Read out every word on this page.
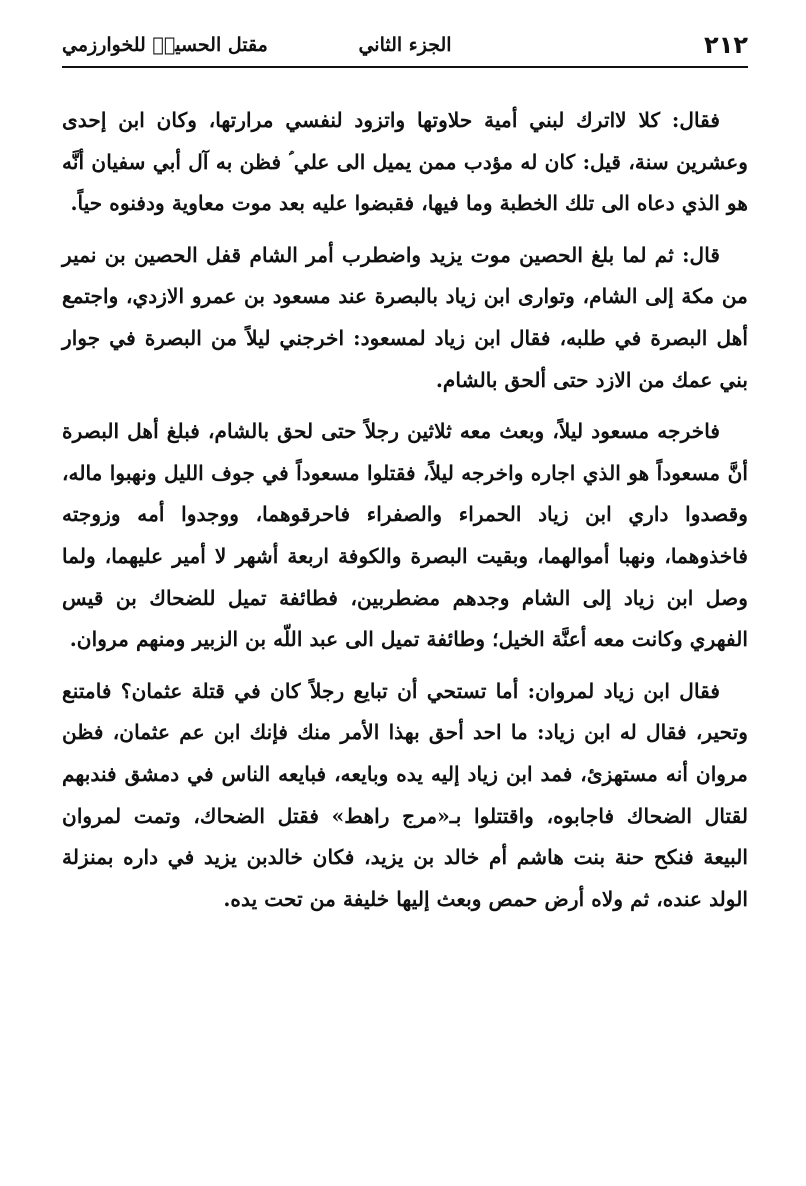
٢١٢
الجزء الثاني
مقتل الحسينؑ للخوارزمي

فقال: كلا لااترك لبني أمية حلاوتها واتزود لنفسي مرارتها، وكان ابن إحدى وعشرين سنة، قيل: كان له مؤدب ممن يميل الى علي ؑ فظن به آل أبي سفيان أنَّه هو الذي دعاه الى تلك الخطبة وما فيها، فقبضوا عليه بعد موت معاوية ودفنوه حياً.

قال: ثم لما بلغ الحصين موت يزيد واضطرب أمر الشام قفل الحصين بن نمير من مكة إلى الشام، وتوارى ابن زياد بالبصرة عند مسعود بن عمرو الازدي، واجتمع أهل البصرة في طلبه، فقال ابن زياد لمسعود: اخرجني ليلاً من البصرة في جوار بني عمك من الازد حتى ألحق بالشام.

فاخرجه مسعود ليلاً، وبعث معه ثلاثين رجلاً حتى لحق بالشام، فبلغ أهل البصرة أنَّ مسعوداً هو الذي اجاره واخرجه ليلاً، فقتلوا مسعوداً في جوف الليل ونهبوا ماله، وقصدوا داري ابن زياد الحمراء والصفراء فاحرقوهما، ووجدوا أمه وزوجته فاخذوهما، ونهبا أموالهما، وبقيت البصرة والكوفة اربعة أشهر لا أمير عليهما، ولما وصل ابن زياد إلى الشام وجدهم مضطربين، فطائفة تميل للضحاك بن قيس الفهري وكانت معه أعنَّة الخيل؛ وطائفة تميل الى عبد اللّه بن الزبير ومنهم مروان.

فقال ابن زياد لمروان: أما تستحي أن تبايع رجلاً كان في قتلة عثمان؟ فامتنع وتحير، فقال له ابن زياد: ما احد أحق بهذا الأمر منك فإنك ابن عم عثمان، فظن مروان أنه مستهزئ، فمد ابن زياد إليه يده وبايعه، فبايعه الناس في دمشق فندبهم لقتال الضحاك فاجابوه، واقتتلوا بـ«مرج راهط» فقتل الضحاك، وتمت لمروان البيعة فنكح حنة بنت هاشم أم خالد بن يزيد، فكان خالدبن يزيد في داره بمنزلة الولد عنده، ثم ولاه أرض حمص وبعث إليها خليفة من تحت يده.
